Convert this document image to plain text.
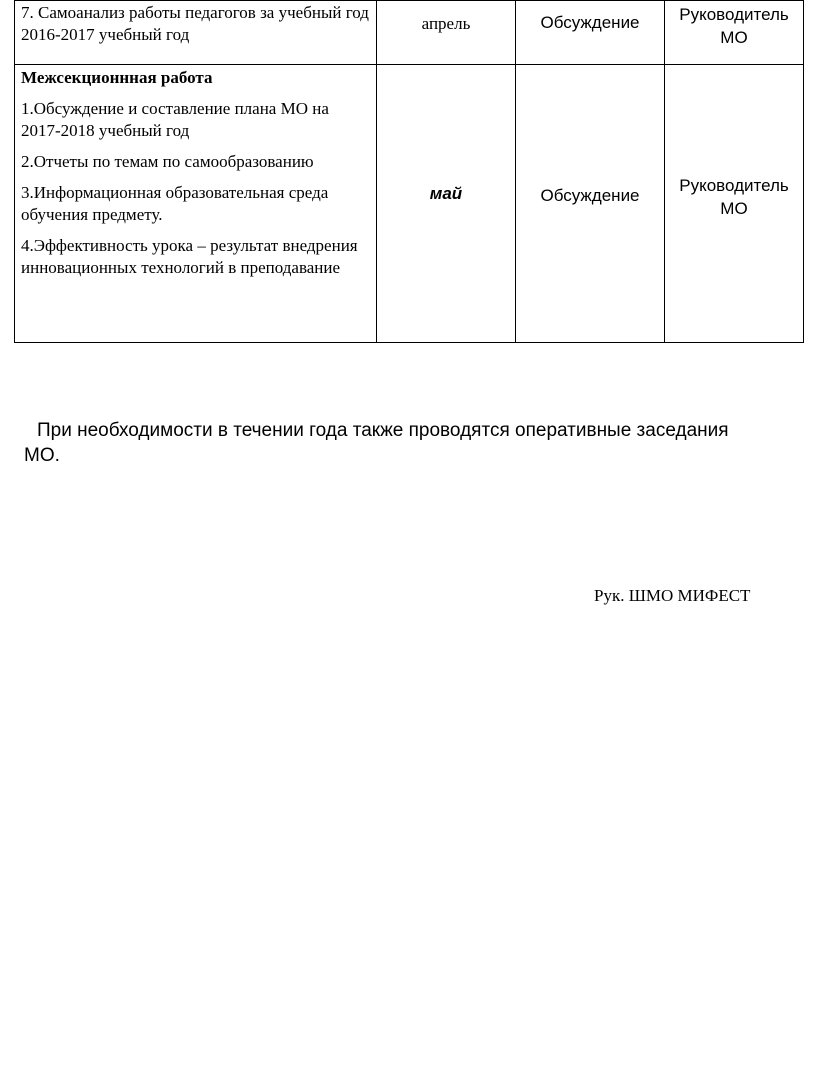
7. Самоанализ работы педагогов за учебный год 2016-2017 учебный год	апрель	Обсуждение	Руководитель МО

Межсекционнная работа
1.Обсуждение и составление плана МО на 2017-2018 учебный год
2.Отчеты по темам по самообразованию
3.Информационная образовательная среда обучения предмету.
4.Эффективность урока – результат внедрения инновационных технологий в преподавание	май	Обсуждение	Руководитель МО

При необходимости в течении года также проводятся оперативные заседания МО.

Рук. ШМО МИФЕСТ
